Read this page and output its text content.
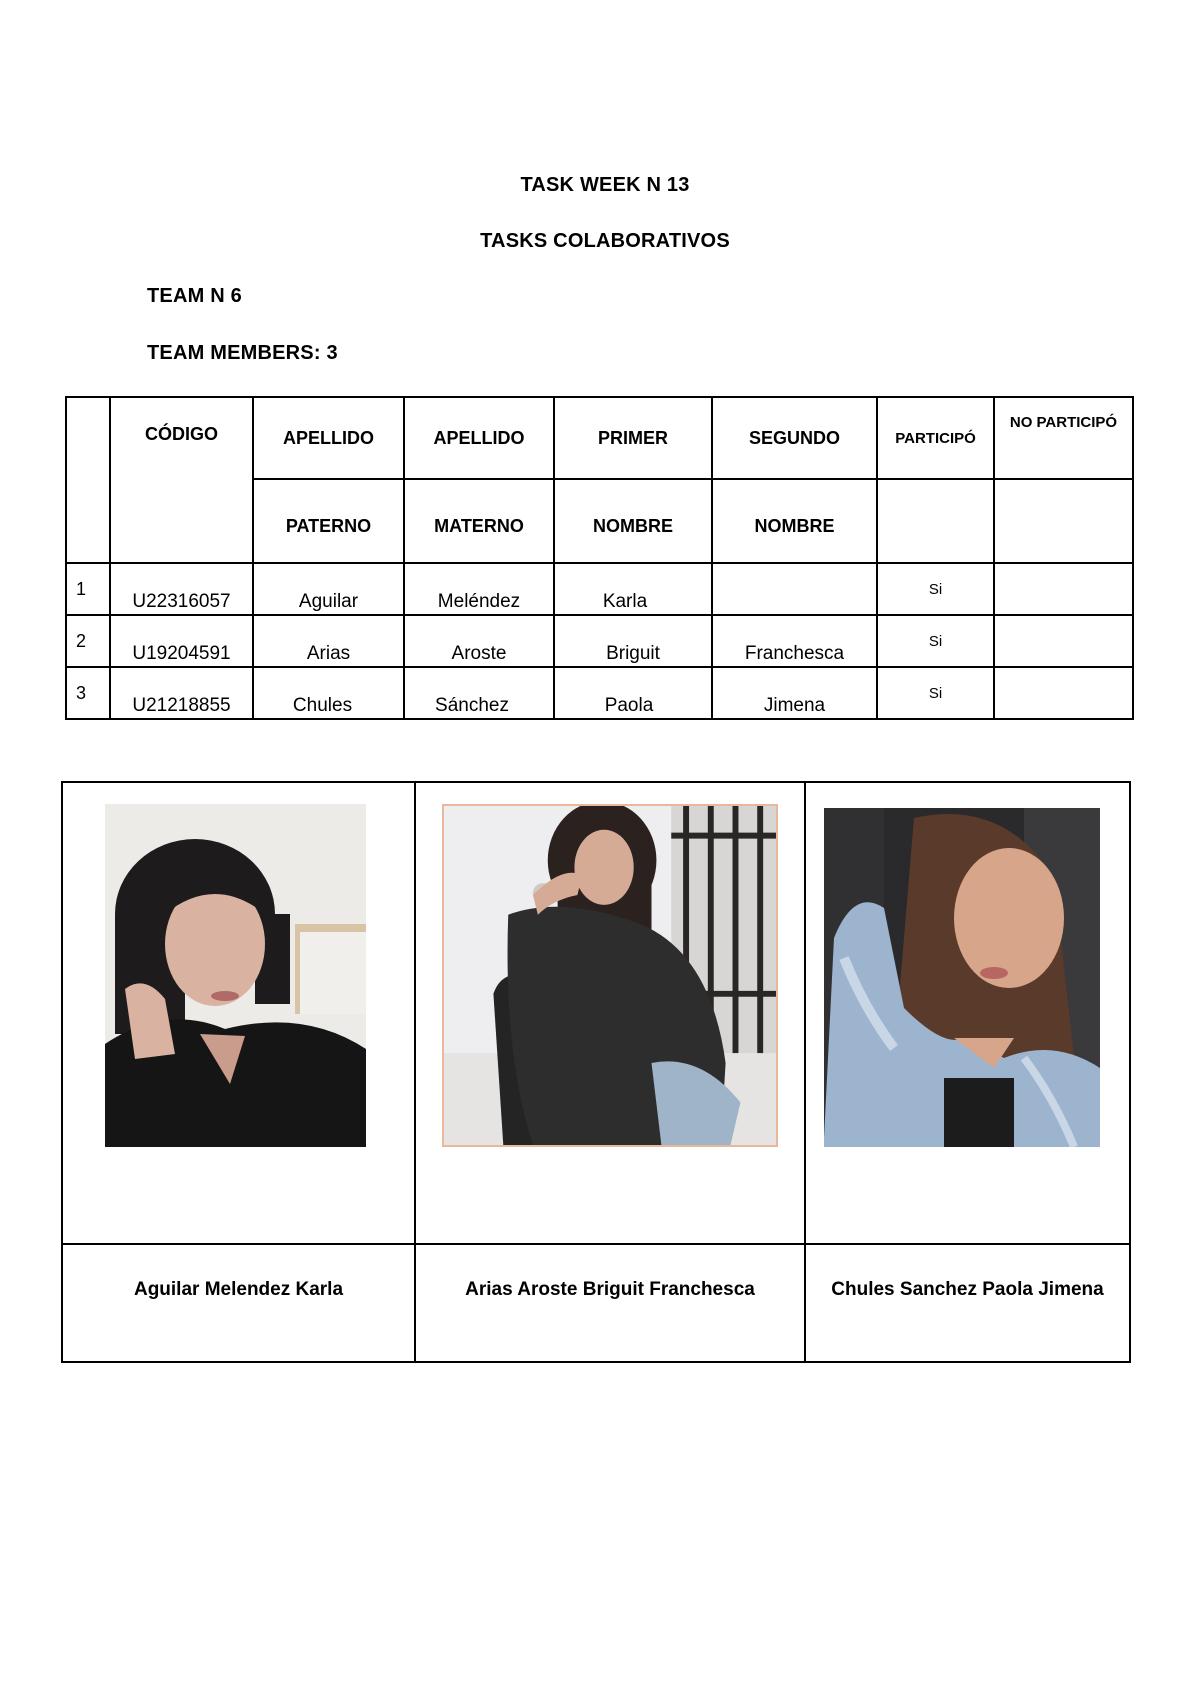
TASK WEEK N 13
TASKS COLABORATIVOS
TEAM N 6
TEAM MEMBERS: 3
	CÓDIGO	APELLIDO	APELLIDO	PRIMER	SEGUNDO	PARTICIPÓ	NO PARTICIPÓ
		PATERNO	MATERNO	NOMBRE	NOMBRE		
1	U22316057	Aguilar	Meléndez	Karla		Si	
2	U19204591	Arias	Aroste	Briguit	Franchesca	Si	
3	U21218855	Chules	Sánchez	Paola	Jimena	Si	

Aguilar Melendez Karla	Arias Aroste Briguit Franchesca	Chules Sanchez Paola Jimena
